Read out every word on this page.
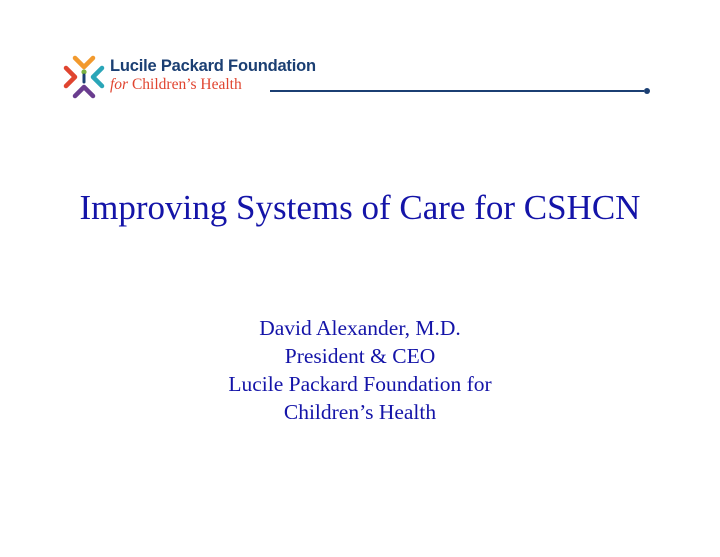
Lucile Packard Foundation
for Children’s Health
Improving Systems of Care for CSHCN
David Alexander, M.D.
President & CEO
Lucile Packard Foundation for
Children’s Health
